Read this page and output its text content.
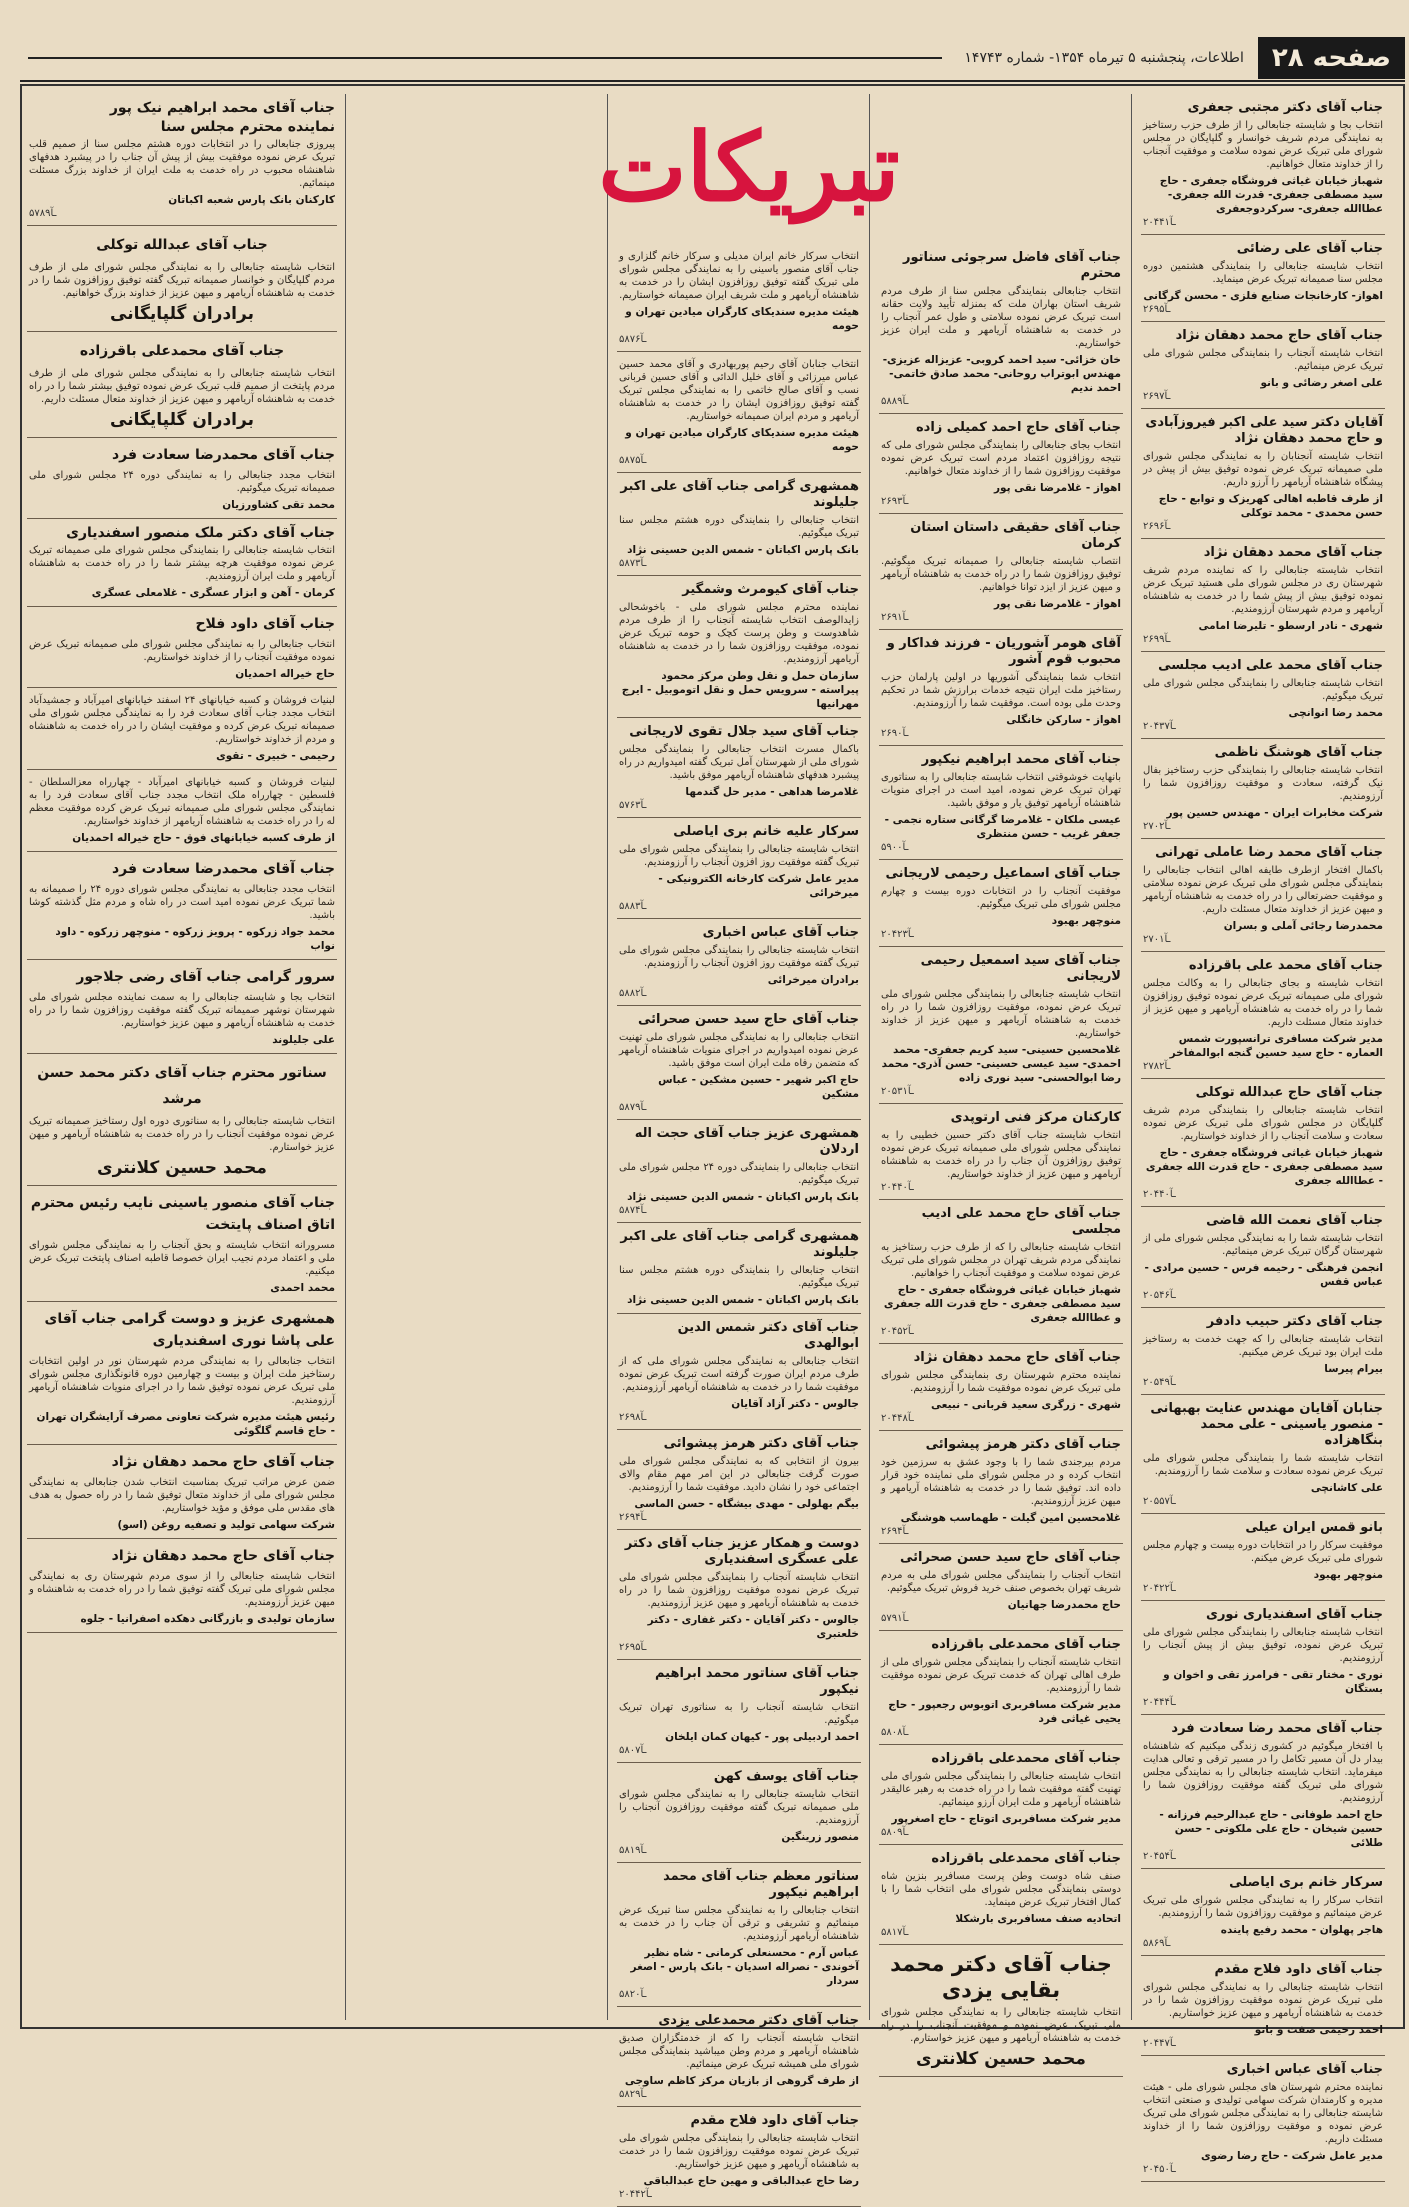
صفحه ۲۸
اطلاعات، پنجشنبه ۵ تیرماه ۱۳۵۴- شماره ۱۴۷۴۳
تبریکات
جناب آقای دکتر مجتبی جعفری
انتخاب بجا و شایسته جنابعالی را از طرف حزب رستاخیز به نمایندگی مردم شریف خوانسار و گلپایگان در مجلس شورای ملی تبریک عرض نموده سلامت و موفقیت آنجناب را از خداوند متعال خواهانیم.
شهباز خیابان غیاثی فروشگاه جعفری - حاج سید مصطفی جعفری- قدرت الله جعفری- عطاالله جعفری- سرکردوجعفری
۲۰۴۴۱ـآ
جناب آقای علی رضائی
انتخاب شایسته جنابعالی را بنمایندگی هشتمین دوره مجلس سنا صمیمانه تبریک عرض مینماید.
اهواز- کارخانجات صنایع فلزی - محسن گرگانی
۲۶۹۵ـآ
جناب آقای حاج محمد دهقان نژاد
انتخاب شایسته آنجناب را بنمایندگی مجلس شورای ملی تبریک عرض مینمائیم.
علی اصغر رضائی و بانو
۲۶۹۷ـآ
آقایان دکتر سید علی اکبر فیروزآبادی و حاج محمد دهقان نژاد
انتخاب شایسته آنجنابان را به نمایندگی مجلس شورای ملی صمیمانه تبریک عرض نموده توفیق بیش از پیش در پیشگاه شاهنشاه آریامهر را آرزو داریم.
از طرف قاطبه اهالی کهریزک و توابع - حاج حسن محمدی - محمد توکلی
۲۶۹۶ـآ
جناب آقای محمد دهقان نژاد
انتخاب شایسته جنابعالی را که نماینده مردم شریف شهرستان ری در مجلس شورای ملی هستید تبریک عرض نموده توفیق بیش از پیش شما را در خدمت به شاهنشاه آریامهر و مردم شهرستان آرزومندیم.
شهری - نادر ارسطو - تلیرضا امامی
۲۶۹۹ـآ
جناب آقای محمد علی ادیب مجلسی
انتخاب شایسته جنابعالی را بنمایندگی مجلس شورای ملی تبریک میگوئیم.
محمد رضا انوانچی
۲۰۴۳۷ـآ
جناب آقای هوشنگ ناظمی
انتخاب شایسته جنابعالی را بنمایندگی حزب رستاخیز بفال نیک گرفته، سعادت و موفقیت روزافزون شما را آرزومندیم.
شرکت مخابرات ایران - مهندس حسین پور
۲۷۰۲ـآ
جناب آقای محمد رضا عاملی تهرانی
باکمال افتخار ازطرف طایفه اهالی انتخاب جنابعالی را بنمایندگی مجلس شورای ملی تبریک عرض نموده سلامتی و موفقیت حضرتعالی را در راه خدمت به شاهنشاه آریامهر و میهن عزیز از خداوند متعال مسئلت داریم.
محمدرضا رجائی آملی و بسران
۲۷۰۱ـآ
جناب آقای محمد علی باقرزاده
انتخاب شایسته و بجای جنابعالی را به وکالت مجلس شورای ملی صمیمانه تبریک عرض نموده توفیق روزافزون شما را در راه خدمت به شاهنشاه آریامهر و میهن عزیز از خداوند متعال مسئلت داریم.
مدیر شرکت مسافری ترانسپورت شمس العماره - حاج سید حسین گنجه ابوالمفاخر
۲۷۸۲ـآ
جناب آقای حاج عبدالله توکلی
انتخاب شایسته جنابعالی را بنمایندگی مردم شریف گلپایگان در مجلس شورای ملی تبریک عرض نموده سعادت و سلامت آنجناب را از خداوند خواستاریم.
شهباز خیابان غیاثی فروشگاه جعفری - حاج سید مصطفی جعفری - حاج قدرت الله جعفری - عطاالله جعفری
۲۰۴۴۰ـآ
جناب آقای نعمت الله قاضی
انتخاب شایسته شما را به نمایندگی مجلس شورای ملی از شهرستان گرگان تبریک عرض مینمائیم.
انجمن فرهنگی - رحیمه فرس - حسین مرادی - عباس قفس
۲۰۵۴۶ـآ
جناب آقای دکتر حبیب دادفر
انتخاب شایسته جنابعالی را که جهت خدمت به رستاخیز ملت ایران بود تبریک عرض میکنیم.
بیرام پیرسا
۲۰۵۴۹ـآ
جنابان آقایان مهندس عنایت بهبهانی - منصور یاسینی - علی محمد بنگاهزاده
انتخاب شایسته شما را بنمایندگی مجلس شورای ملی تبریک عرض نموده سعادت و سلامت شما را آرزومندیم.
علی کاشانچی
۲۰۵۵۷ـآ
بانو قمس ایران عیلی
موفقیت سرکار را در انتخابات دوره بیست و چهارم مجلس شورای ملی تبریک عرض میکنم.
منوچهر بهبود
۲۰۴۲۲ـآ
جناب آقای اسفندیاری نوری
انتخاب شایسته جنابعالی را بنمایندگی مجلس شورای ملی تبریک عرض نموده، توفیق بیش از پیش آنجناب را آرزومندیم.
نوری - مختار تقی - فرامرز تقی و اخوان و بستگان
۲۰۴۴۴ـآ
جناب آقای محمد رضا سعادت فرد
با افتخار میگوئیم در کشوری زندگی میکنیم که شاهنشاه بیدار دل آن مسیر تکامل را در مسیر ترقی و تعالی هدایت میفرماید. انتخاب شایسته جنابعالی را به نمایندگی مجلس شورای ملی تبریک گفته موفقیت روزافزون شما را آرزومندیم.
حاج احمد طوفانی - حاج عبدالرحیم فرزانه - حسین شیخان - حاج علی ملکوتی - حسن طلائی
۲۰۴۵۴ـآ
سرکار خانم بری ایاصلی
انتخاب سرکار را به نمایندگی مجلس شورای ملی تبریک عرض مینمائیم و موفقیت روزافزون شما را آرزومندیم.
هاجر پهلوان - محمد رفیع پاینده
۵۸۶۹ـآ
جناب آقای داود فلاح مقدم
انتخاب شایسته جنابعالی را به نمایندگی مجلس شورای ملی تبریک عرض نموده موفقیت روزافزون شما را در خدمت به شاهنشاه آریامهر و میهن عزیز خواستاریم.
احمد رحیمی صفت و بانو
۲۰۴۴۷ـآ
جناب آقای عباس اخباری
نماینده محترم شهرستان های مجلس شورای ملی - هیئت مدیره و کارمندان شرکت سهامی تولیدی و صنعتی انتخاب شایسته جنابعالی را به نمایندگی مجلس شورای ملی تبریک عرض نموده و موفقیت روزافزون شما را از خداوند مسئلت داریم.
مدیر عامل شرکت - حاج رضا رضوی
۲۰۴۵۰ـآ
جناب آقای فاضل سرجوئی سناتور محترم
انتخاب جنابعالی بنمایندگی مجلس سنا از طرف مردم شریف استان بهاران ملت که بمنزله تأیید ولایت حقانه است تبریک عرض نموده سلامتی و طول عمر آنجناب را در خدمت به شاهنشاه آریامهر و ملت ایران عزیز خواستاریم.
خان خزائی- سید احمد کروبی- عزیزاله عزیزی- مهندس ابوتراب روحانی- محمد صادق خاتمی- احمد ندیم
۵۸۸۹ـآ
جناب آقای حاج احمد کمیلی زاده
انتخاب بجای جنابعالی را بنمایندگی مجلس شورای ملی که نتیجه روزافزون اعتماد مردم است تبریک عرض نموده موفقیت روزافزون شما را از خداوند متعال خواهانیم.
اهواز - غلامرضا نقی پور
۲۶۹۳ـآ
جناب آقای حقیقی داستان استان کرمان
انتصاب شایسته جنابعالی را صمیمانه تبریک میگوئیم. توفیق روزافزون شما را در راه خدمت به شاهنشاه آریامهر و میهن عزیز از ایزد توانا خواهانیم.
اهواز - غلامرضا نقی پور
۲۶۹۱ـآ
آقای هومر آشوریان - فرزند فداکار و محبوب قوم آشور
انتخاب شما بنمایندگی آشوریها در اولین پارلمان حزب رستاخیز ملت ایران نتیجه خدمات برارزش شما در تحکیم وحدت ملی بوده است. موفقیت شما را آرزومندیم.
اهواز - ساركن خانگلی
۲۶۹۰ـآ
جناب آقای محمد ابراهیم نیکپور
بانهایت خوشوقتی انتخاب شایسته جنابعالی را به سناتوری تهران تبریک عرض نموده، امید است در اجرای منویات شاهنشاه آریامهر توفیق یار و موفق باشید.
عیسی ملکان - غلامرضا گرگانی ستاره نجمی - جعفر غریب - حسن منتظری
۵۹۰۰ـآ
جناب آقای اسماعیل رحیمی لاریجانی
موفقیت آنجناب را در انتخابات دوره بیست و چهارم مجلس شورای ملی تبریک میگوئیم.
منوچهر بهبود
۲۰۴۲۳ـآ
جناب آقای سید اسمعیل رحیمی لاریجانی
انتخاب شایسته جنابعالی را بنمایندگی مجلس شورای ملی تبریک عرض نموده، موفقیت روزافزون شما را در راه خدمت به شاهنشاه آریامهر و میهن عزیز از خداوند خواستاریم.
غلامحسین حسینی- سید کریم جعفری- محمد احمدی- سید عیسی حسینی- حسن آذری- محمد رضا ابوالحسنی- سید نوری زاده
۲۰۵۳۱ـآ
کارکنان مرکز فنی ارتوپدی
انتخاب شایسته جناب آقای دکتر حسین خطیبی را به نمایندگی مجلس شورای ملی صمیمانه تبریک عرض نموده توفیق روزافزون آن جناب را در راه خدمت به شاهنشاه آریامهر و میهن عزیز از خداوند خواستاریم.
۲۰۴۴۰ـآ
جناب آقای حاج محمد علی ادیب مجلسی
انتخاب شایسته جنابعالی را که از طرف حزب رستاخیز به نمایندگی مردم شریف تهران در مجلس شورای ملی تبریک عرض نموده سلامت و موفقیت آنجناب را خواهانیم.
شهباز خیابان غیاثی فروشگاه جعفری - حاج سید مصطفی جعفری - حاج قدرت الله جعفری و عطاالله جعفری
۲۰۴۵۲ـآ
جناب آقای حاج محمد دهقان نژاد
نماینده محترم شهرستان ری بنمایندگی مجلس شورای ملی تبریک عرض نموده موفقیت شما را آرزومندیم.
شهری - زرگری سعید قربانی - نبیعی
۲۰۴۴۸ـآ
جناب آقای دکتر هرمز پیشوائی
مردم بیرجندی شما را با وجود عشق به سرزمین خود انتخاب کرده و در مجلس شورای ملی نماینده خود قرار داده اند. توفیق شما را در خدمت به شاهنشاه آریامهر و میهن عزیز آرزومندیم.
غلامحسین امین گیلت - طهماسب هوشنگی
۲۶۹۴ـآ
جناب آقای حاج سید حسن صحرائی
انتخاب آنجناب را بنمایندگی مجلس شورای ملی به مردم شریف تهران بخصوص صنف خرید فروش تبریک میگوئیم.
حاج محمدرضا جهانیان
۵۷۹۱ـآ
جناب آقای محمدعلی باقرزاده
انتخاب شایسته آنجناب را بنمایندگی مجلس شورای ملی از طرف اهالی تهران که خدمت تبریک عرض نموده موفقیت شما را آرزومندیم.
مدیر شرکت مسافربری اتوبوس رجعپور - حاج یحیی غیاثی فرد
۵۸۰۸ـآ
جناب آقای محمدعلی باقرزاده
انتخاب شایسته جنابعالی را بنمایندگی مجلس شورای ملی تهنیت گفته موفقیت شما را در راه خدمت به رهبر عالیقدر شاهنشاه آریامهر و ملت ایران آرزو مینمائیم.
مدیر شرکت مسافربری اتوتاج - حاج اصغرپور
۵۸۰۹ـآ
جناب آقای محمدعلی باقرزاده
صنف شاه دوست وطن پرست مسافربر بنزین شاه دوستی بنمایندگی مجلس شورای ملی انتخاب شما را با کمال افتخار تبریک عرض مینماید.
اتحادیه صنف مسافربری بارشکلا
۵۸۱۷ـآ
جناب آقای دکتر محمد بقایی یزدی
انتخاب شایسته جنابعالی را به نمایندگی مجلس شورای ملی تبریک عرض نموده و موفقیت آنجناب را در راه خدمت به شاهنشاه آریامهر و میهن عزیز خواستارم.
محمد حسین کلانتری
انتخاب سرکار خانم ایران مدیلی و سرکار خانم گلزاری و جناب آقای منصور یاسینی را به نمایندگی مجلس شورای ملی تبریک گفته توفیق روزافزون ایشان را در خدمت به شاهنشاه آریامهر و ملت شریف ایران صمیمانه خواستاریم.
هیئت مدیره سندیکای کارگران میادین تهران و حومه
۵۸۷۶ـآ
انتخاب جنابان آقای رحیم پوربهادری و آقای محمد حسین عباس میرزائی و آقای خلیل الدائی و آقای حسین قربانی نسب و آقای صالح خاتمی را به نمایندگی مجلس تبریک گفته توفیق روزافزون ایشان را در خدمت به شاهنشاه آریامهر و مردم ایران صمیمانه خواستاریم.
هیئت مدیره سندیکای کارگران میادین تهران و حومه
۵۸۷۵ـآ
همشهری گرامی جناب آقای علی اکبر جلیلوند
انتخاب جنابعالی را بنمایندگی دوره هشتم مجلس سنا تبریک میگوئیم.
بانک پارس اکباتان - شمس الدین حسینی نژاد
۵۸۷۳ـآ
جناب آقای کیومرث وشمگیر
نماینده محترم مجلس شورای ملی - باخوشحالی زایدالوصف انتخاب شایسته آنجناب را از طرف مردم شاهدوست و وطن پرست کچک و حومه تبریک عرض نموده، موفقیت روزافزون شما را در خدمت به شاهنشاه آریامهر آرزومندیم.
سازمان حمل و نقل وطن مرکز محمود پیراسته - سرویس حمل و نقل اتوموبیل - ایرج مهرانیها
جناب آقای سید جلال تقوی لاریجانی
باکمال مسرت انتخاب جنابعالی را بنمایندگی مجلس شورای ملی از شهرستان آمل تبریک گفته امیدواریم در راه پیشبرد هدفهای شاهنشاه آریامهر موفق باشید.
غلامرضا هداهی - مدیر حل گندمها
۵۷۶۳ـآ
سرکار علیه خانم بری ایاصلی
انتخاب شایسته جنابعالی را بنمایندگی مجلس شورای ملی تبریک گفته موفقیت روز افزون آنجناب را آرزومندیم.
مدیر عامل شرکت کارخانه الکترونیکی - میرخرائی
۵۸۸۳ـآ
جناب آقای عباس اخباری
انتخاب شایسته جنابعالی را بنمایندگی مجلس شورای ملی تبریک گفته موفقیت روز افزون آنجناب را آرزومندیم.
برادران میرخرائی
۵۸۸۲ـآ
جناب آقای حاج سید حسن صحرائی
انتخاب جنابعالی را به نمایندگی مجلس شورای ملی تهنیت عرض نموده امیدواریم در اجرای منویات شاهنشاه آریامهر که متضمن رفاه ملت ایران است موفق باشید.
حاج اکبر شهیر - حسین مشکین - عباس مشکین
۵۸۷۹ـآ
همشهری عزیز جناب آقای حجت اله اردلان
انتخاب جنابعالی را بنمایندگی دوره ۲۴ مجلس شورای ملی تبریک میگوئیم.
بانک پارس اکباتان - شمس الدین حسینی نژاد
۵۸۷۴ـآ
همشهری گرامی جناب آقای علی اکبر جلیلوند
انتخاب جنابعالی را بنمایندگی دوره هشتم مجلس سنا تبریک میگوئیم.
بانک پارس اکباتان - شمس الدین حسینی نژاد
جناب آقای دکتر شمس الدین ابوالهدی
انتخاب جنابعالی به نمایندگی مجلس شورای ملی که از طرف مردم ایران صورت گرفته است تبریک عرض نموده موفقیت شما را در خدمت به شاهنشاه آریامهر آرزومندیم.
جالوس - دکتر آزاد آقایان
۲۶۹۸ـآ
جناب آقای دکتر هرمز پیشوائی
بیرون از انتخابی که به نمایندگی مجلس شورای ملی صورت گرفت جنابعالی در این امر مهم مقام والای اجتماعی خود را نشان دادید. موفقیت شما را آرزومندیم.
بیگم بهلولی - مهدی بیشگاه - حسن الماسی
۲۶۹۴ـآ
دوست و همکار عزیز جناب آقای دکتر علی عسگری اسفندیاری
انتخاب شایسته آنجناب را بنمایندگی مجلس شورای ملی تبریک عرض نموده موفقیت روزافزون شما را در راه خدمت به شاهنشاه آریامهر و میهن عزیز آرزومندیم.
جالوس - دکتر آقایان - دکتر غفاری - دکتر خلعتبری
۲۶۹۵ـآ
جناب آقای سناتور محمد ابراهیم نیکپور
انتخاب شایسته آنجناب را به سناتوری تهران تبریک میگوئیم.
احمد اردبیلی پور - کیهان کمان ایلخان
۵۸۰۷ـآ
جناب آقای یوسف کهن
انتخاب شایسته جنابعالی را به نمایندگی مجلس شورای ملی صمیمانه تبریک گفته موفقیت روزافزون آنجناب را آرزومندیم.
منصور زرینگین
۵۸۱۹ـآ
سناتور معظم جناب آقای محمد ابراهیم نیکپور
انتخاب جنابعالی را به نمایندگی مجلس سنا تبریک عرض مینمائیم و تشریفی و ترقی آن جناب را در خدمت به شاهنشاه آریامهر آرزومندیم.
عباس آرم - محسنعلی کرمانی - شاه نظیر آخوندی - نصراله اسدیان - بانک پارس - اصغر سردار
۵۸۲۰ـآ
جناب آقای دکتر محمدعلی یزدی
انتخاب شایسته آنجناب را که از خدمتگزاران صدیق شاهنشاه آریامهر و مردم وطن میباشید بنمایندگی مجلس شورای ملی همیشه تبریک عرض مینمائیم.
از طرف گروهی از بازیان مرکز کاظم ساوجی
۵۸۲۹ـآ
جناب آقای داود فلاح مقدم
انتخاب شایسته جنابعالی را بنمایندگی مجلس شورای ملی تبریک عرض نموده موفقیت روزافزون شما را در خدمت به شاهنشاه آریامهر و میهن عزیز خواستاریم.
رضا حاج عبدالباقی و مهین حاج عبدالباقی
۲۰۴۴۲ـآ
جناب آقای محمد ابراهیم نیک پور
نماینده محترم مجلس سنا
پیروزی جنابعالی را در انتخابات دوره هشتم مجلس سنا از صمیم قلب تبریک عرض نموده موفقیت بیش از پیش آن جناب را در پیشبرد هدفهای شاهنشاه محبوب در راه خدمت به ملت ایران از خداوند بزرگ مسئلت مینمائیم.
کارکنان بانک پارس شعبه اکباتان
۵۷۸۹ـآ
جناب آقای عبدالله توکلی
انتخاب شایسته جنابعالی را به نمایندگی مجلس شورای ملی از طرف مردم گلپایگان و خوانسار صمیمانه تبریک گفته توفیق روزافزون شما را در خدمت به شاهنشاه آریامهر و میهن عزیز از خداوند بزرگ خواهانیم.
برادران گلپایگانی
جناب آقای محمدعلی باقرزاده
انتخاب شایسته جنابعالی را به نمایندگی مجلس شورای ملی از طرف مردم پایتخت از صمیم قلب تبریک عرض نموده توفیق بیشتر شما را در راه خدمت به شاهنشاه آریامهر و میهن عزیز از خداوند متعال مسئلت داریم.
برادران گلپایگانی
جناب آقای محمدرضا سعادت فرد
انتخاب مجدد جنابعالی را به نمایندگی دوره ۲۴ مجلس شورای ملی صمیمانه تبریک میگوئیم.
محمد تقی کشاورزیان
جناب آقای دکتر ملک منصور اسفندیاری
انتخاب شایسته جنابعالی را بنمایندگی مجلس شورای ملی صمیمانه تبریک عرض نموده موفقیت هرچه بیشتر شما را در راه خدمت به شاهنشاه آریامهر و ملت ایران آرزومندیم.
کرمان - آهن و ابزار عسگری - غلامعلی عسگری
جناب آقای داود فلاح
انتخاب جنابعالی را به نمایندگی مجلس شورای ملی صمیمانه تبریک عرض نموده موفقیت آنجناب را از خداوند خواستاریم.
حاج خیراله احمدیان
لبنیات فروشان و کسبه خیابانهای ۲۴ اسفند خیابانهای امیرآباد و جمشیدآباد انتخاب مجدد جناب آقای سعادت فرد را به نمایندگی مجلس شورای ملی صمیمانه تبریک عرض کرده و موفقیت ایشان را در راه خدمت به شاهنشاه و مردم از خداوند خواستاریم.
رحیمی - خبیری - تقوی
لبنیات فروشان و کسبه خیابانهای امیرآباد - چهارراه معزالسلطان - فلسطین - چهارراه ملک انتخاب مجدد جناب آقای سعادت فرد را به نمایندگی مجلس شورای ملی صمیمانه تبریک عرض کرده موفقیت معظم له را در راه خدمت به شاهنشاه آریامهر از خداوند خواستاریم.
از طرف کسبه خیابانهای فوق - حاج خیراله احمدیان
جناب آقای محمدرضا سعادت فرد
انتخاب مجدد جنابعالی به نمایندگی مجلس شورای دوره ۲۴ را صمیمانه به شما تبریک عرض نموده امید است در راه شاه و مردم مثل گذشته کوشا باشید.
محمد جواد زرکوه - پرویز زرکوه - منوچهر زرکوه - داود نواب
سرور گرامی جناب آقای رضی جلاجور
انتخاب بجا و شایسته جنابعالی را به سمت نماینده مجلس شورای ملی شهرستان نوشهر صمیمانه تبریک گفته موفقیت روزافزون شما را در راه خدمت به شاهنشاه آریامهر و میهن عزیز خواستاریم.
علی جلیلوند
سناتور محترم جناب آقای دکتر محمد حسن مرشد
انتخاب شایسته جنابعالی را به سناتوری دوره اول رستاخیز صمیمانه تبریک عرض نموده موفقیت آنجناب را در راه خدمت به شاهنشاه آریامهر و میهن عزیز خواستارم.
محمد حسین کلانتری
جناب آقای منصور یاسینی نایب رئیس محترم اتاق اصناف پایتخت
مسرورانه انتخاب شایسته و بحق آنجناب را به نمایندگی مجلس شورای ملی و اعتماد مردم نجیب ایران خصوصا قاطبه اصناف پایتخت تبریک عرض میکنیم.
محمد احمدی
همشهری عزیز و دوست گرامی جناب آقای علی پاشا نوری اسفندیاری
انتخاب جنابعالی را به نمایندگی مردم شهرستان نور در اولین انتخابات رستاخیز ملت ایران و بیست و چهارمین دوره قانونگذاری مجلس شورای ملی تبریک عرض نموده توفیق شما را در اجرای منویات شاهنشاه آریامهر آرزومندیم.
رئیس هیئت مدیره شرکت تعاونی مصرف آرایشگران تهران - حاج قاسم گلگوئی
جناب آقای حاج محمد دهقان نژاد
ضمن عرض مراتب تبریک بمناسبت انتخاب شدن جنابعالی به نمایندگی مجلس شورای ملی از خداوند متعال توفیق شما را در راه حصول به هدف های مقدس ملی موفق و مؤید خواستاریم.
شرکت سهامی تولید و تصفیه روغن (اسو)
جناب آقای حاج محمد دهقان نژاد
انتخاب شایسته جنابعالی را از سوی مردم شهرستان ری به نمایندگی مجلس شورای ملی تبریک گفته توفیق شما را در راه خدمت به شاهنشاه و میهن عزیز آرزومندیم.
سازمان تولیدی و بازرگانی دهکده اصفرانیا - جلوه
